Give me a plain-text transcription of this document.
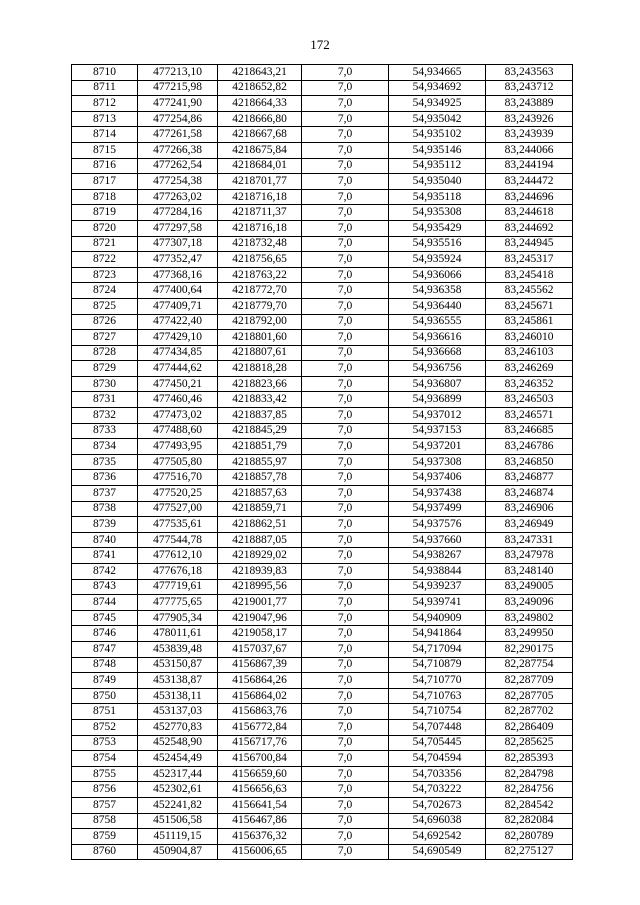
172
8710	477213,10	4218643,21	7,0	54,934665	83,243563
8711	477215,98	4218652,82	7,0	54,934692	83,243712
8712	477241,90	4218664,33	7,0	54,934925	83,243889
8713	477254,86	4218666,80	7,0	54,935042	83,243926
8714	477261,58	4218667,68	7,0	54,935102	83,243939
8715	477266,38	4218675,84	7,0	54,935146	83,244066
8716	477262,54	4218684,01	7,0	54,935112	83,244194
8717	477254,38	4218701,77	7,0	54,935040	83,244472
8718	477263,02	4218716,18	7,0	54,935118	83,244696
8719	477284,16	4218711,37	7,0	54,935308	83,244618
8720	477297,58	4218716,18	7,0	54,935429	83,244692
8721	477307,18	4218732,48	7,0	54,935516	83,244945
8722	477352,47	4218756,65	7,0	54,935924	83,245317
8723	477368,16	4218763,22	7,0	54,936066	83,245418
8724	477400,64	4218772,70	7,0	54,936358	83,245562
8725	477409,71	4218779,70	7,0	54,936440	83,245671
8726	477422,40	4218792,00	7,0	54,936555	83,245861
8727	477429,10	4218801,60	7,0	54,936616	83,246010
8728	477434,85	4218807,61	7,0	54,936668	83,246103
8729	477444,62	4218818,28	7,0	54,936756	83,246269
8730	477450,21	4218823,66	7,0	54,936807	83,246352
8731	477460,46	4218833,42	7,0	54,936899	83,246503
8732	477473,02	4218837,85	7,0	54,937012	83,246571
8733	477488,60	4218845,29	7,0	54,937153	83,246685
8734	477493,95	4218851,79	7,0	54,937201	83,246786
8735	477505,80	4218855,97	7,0	54,937308	83,246850
8736	477516,70	4218857,78	7,0	54,937406	83,246877
8737	477520,25	4218857,63	7,0	54,937438	83,246874
8738	477527,00	4218859,71	7,0	54,937499	83,246906
8739	477535,61	4218862,51	7,0	54,937576	83,246949
8740	477544,78	4218887,05	7,0	54,937660	83,247331
8741	477612,10	4218929,02	7,0	54,938267	83,247978
8742	477676,18	4218939,83	7,0	54,938844	83,248140
8743	477719,61	4218995,56	7,0	54,939237	83,249005
8744	477775,65	4219001,77	7,0	54,939741	83,249096
8745	477905,34	4219047,96	7,0	54,940909	83,249802
8746	478011,61	4219058,17	7,0	54,941864	83,249950
8747	453839,48	4157037,67	7,0	54,717094	82,290175
8748	453150,87	4156867,39	7,0	54,710879	82,287754
8749	453138,87	4156864,26	7,0	54,710770	82,287709
8750	453138,11	4156864,02	7,0	54,710763	82,287705
8751	453137,03	4156863,76	7,0	54,710754	82,287702
8752	452770,83	4156772,84	7,0	54,707448	82,286409
8753	452548,90	4156717,76	7,0	54,705445	82,285625
8754	452454,49	4156700,84	7,0	54,704594	82,285393
8755	452317,44	4156659,60	7,0	54,703356	82,284798
8756	452302,61	4156656,63	7,0	54,703222	82,284756
8757	452241,82	4156641,54	7,0	54,702673	82,284542
8758	451506,58	4156467,86	7,0	54,696038	82,282084
8759	451119,15	4156376,32	7,0	54,692542	82,280789
8760	450904,87	4156006,65	7,0	54,690549	82,275127
